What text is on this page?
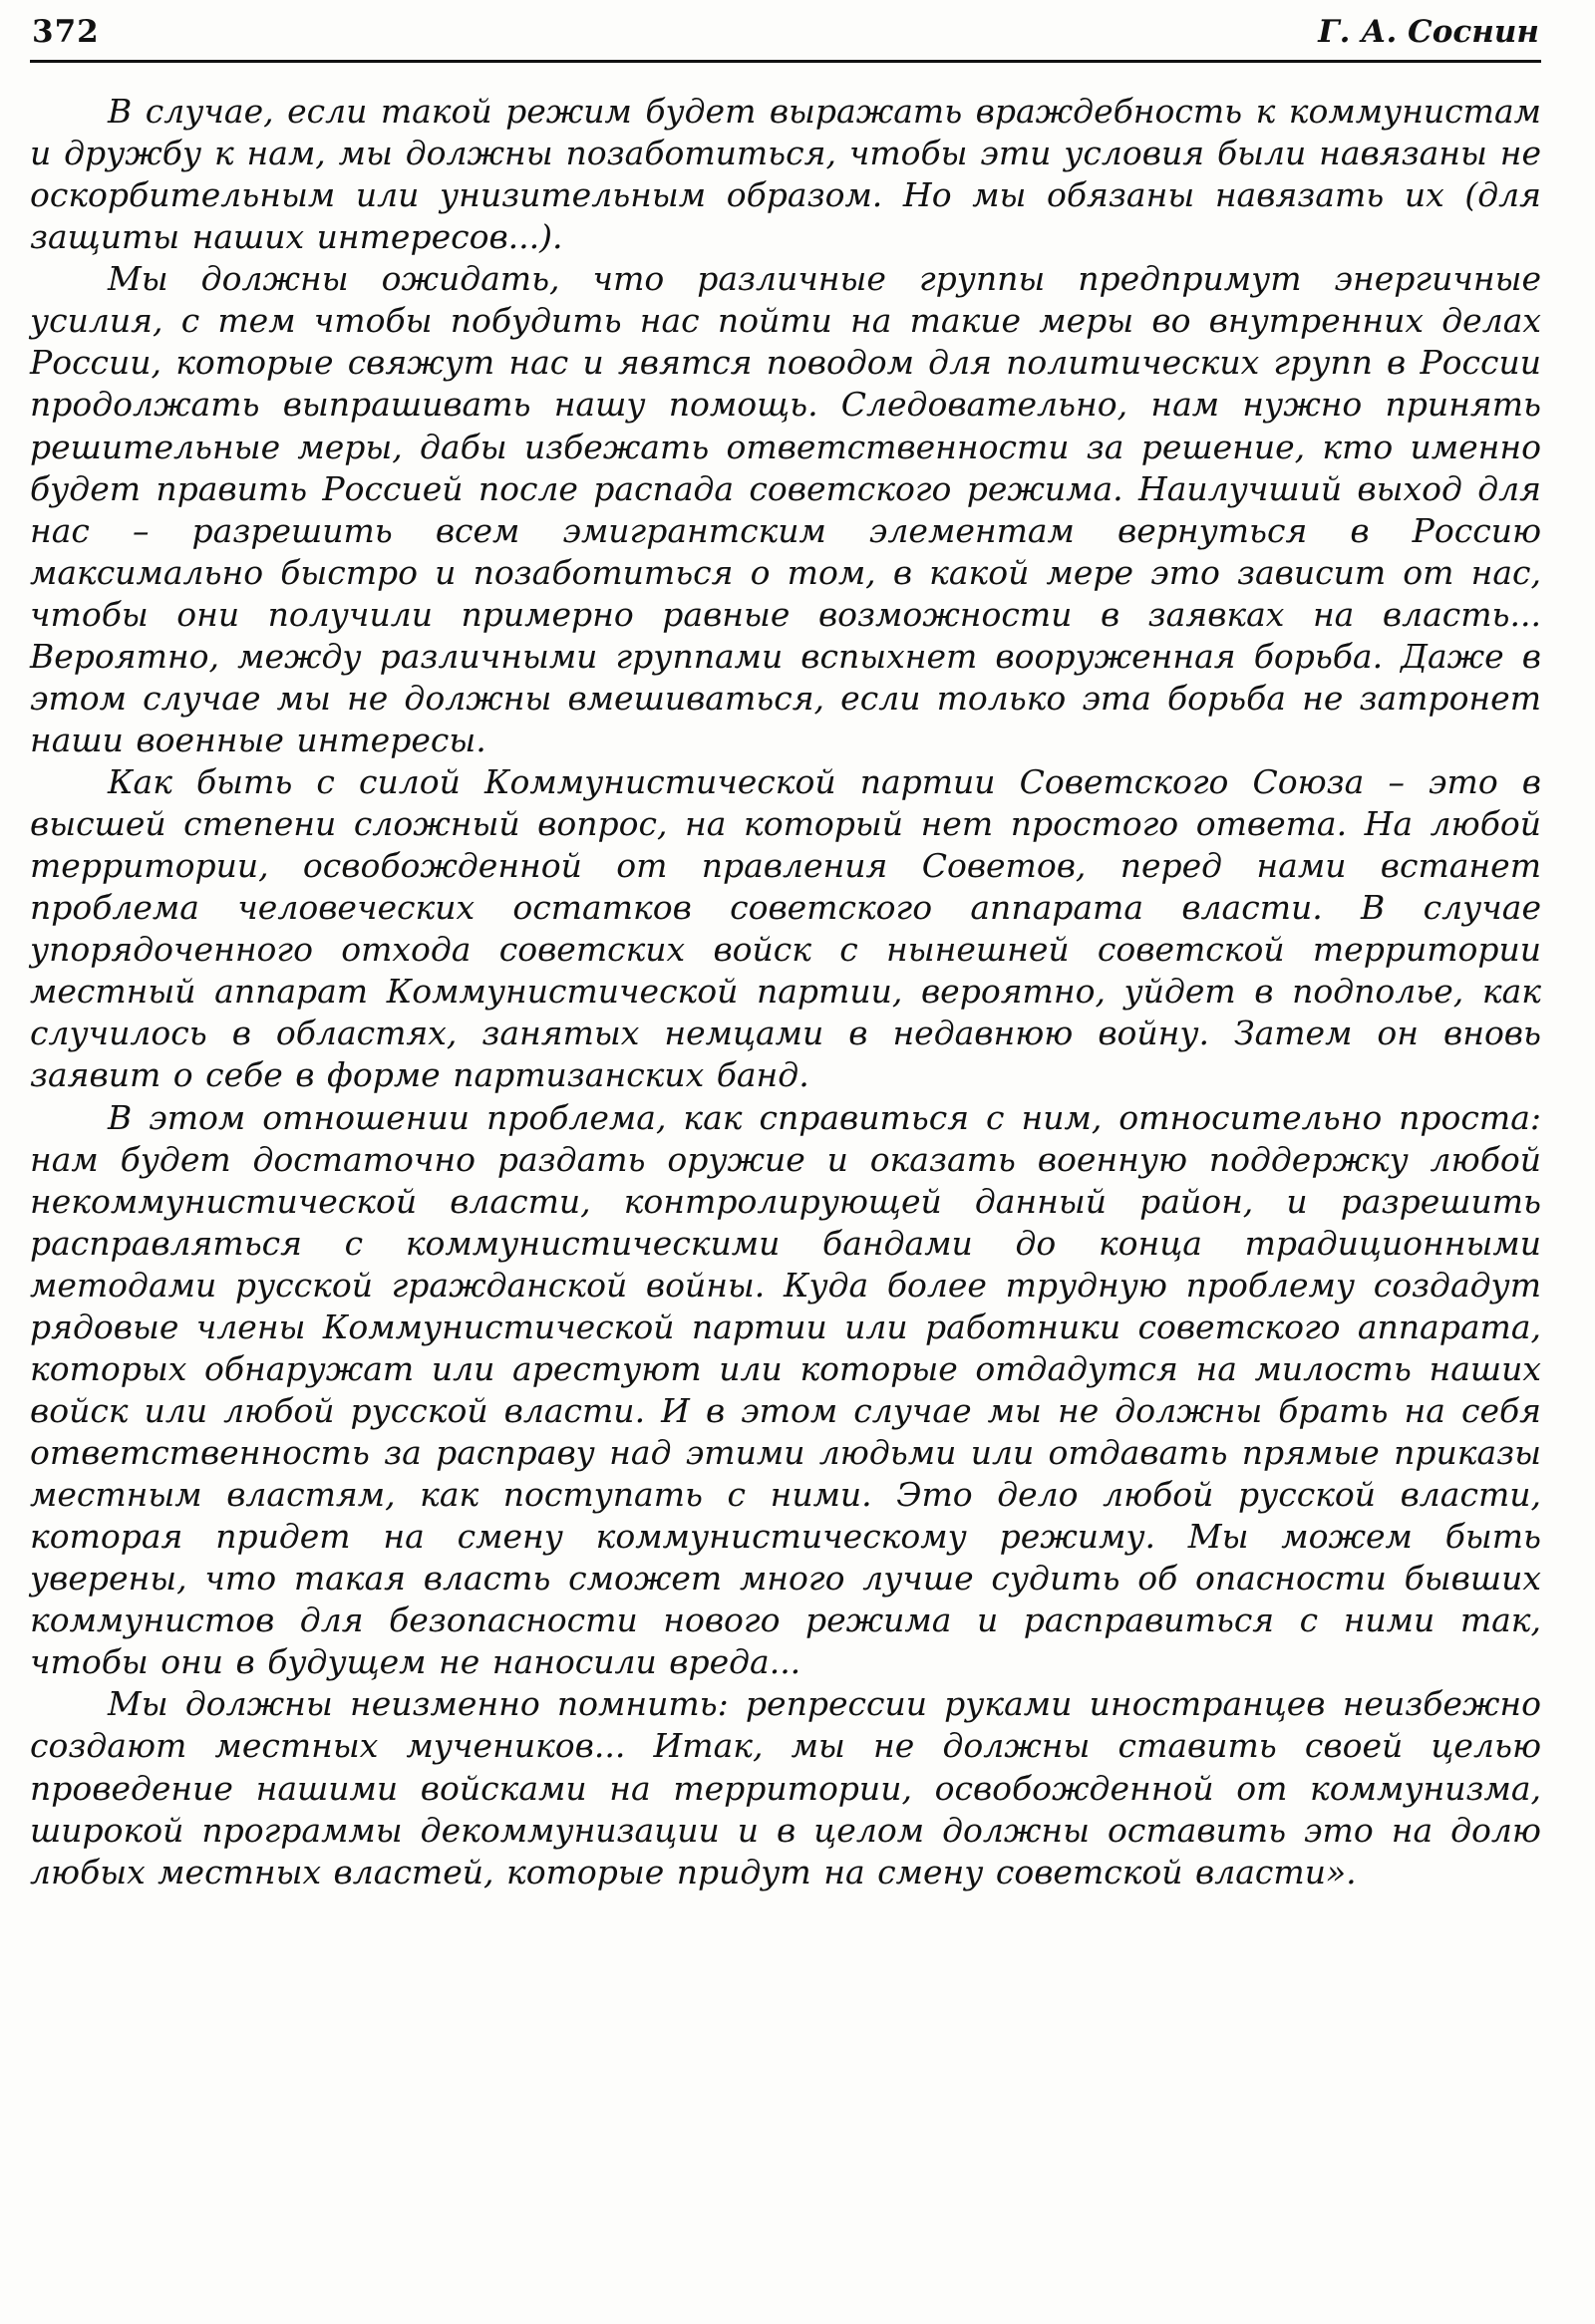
372	Г. А. Соснин

В случае, если такой режим будет выражать враждебность к коммунистам и дружбу к нам, мы должны позаботиться, чтобы эти условия были навязаны не оскорбительным или унизительным образом. Но мы обязаны навязать их (для защиты наших интересов...).

Мы должны ожидать, что различные группы предпримут энергичные усилия, с тем чтобы побудить нас пойти на такие меры во внутренних делах России, которые свяжут нас и явятся поводом для политических групп в России продолжать выпрашивать нашу помощь. Следовательно, нам нужно принять решительные меры, дабы избежать ответственности за решение, кто именно будет править Россией после распада советского режима. Наилучший выход для нас – разрешить всем эмигрантским элементам вернуться в Россию максимально быстро и позаботиться о том, в какой мере это зависит от нас, чтобы они получили примерно равные возможности в заявках на власть... Вероятно, между различными группами вспыхнет вооруженная борьба. Даже в этом случае мы не должны вмешиваться, если только эта борьба не затронет наши военные интересы.

Как быть с силой Коммунистической партии Советского Союза – это в высшей степени сложный вопрос, на который нет простого ответа. На любой территории, освобожденной от правления Советов, перед нами встанет проблема человеческих остатков советского аппарата власти. В случае упорядоченного отхода советских войск с нынешней советской территории местный аппарат Коммунистической партии, вероятно, уйдет в подполье, как случилось в областях, занятых немцами в недавнюю войну. Затем он вновь заявит о себе в форме партизанских банд.

В этом отношении проблема, как справиться с ним, относительно проста: нам будет достаточно раздать оружие и оказать военную поддержку любой некоммунистической власти, контролирующей данный район, и разрешить расправляться с коммунистическими бандами до конца традиционными методами русской гражданской войны. Куда более трудную проблему создадут рядовые члены Коммунистической партии или работники советского аппарата, которых обнаружат или арестуют или которые отдадутся на милость наших войск или любой русской власти. И в этом случае мы не должны брать на себя ответственность за расправу над этими людьми или отдавать прямые приказы местным властям, как поступать с ними. Это дело любой русской власти, которая придет на смену коммунистическому режиму. Мы можем быть уверены, что такая власть сможет много лучше судить об опасности бывших коммунистов для безопасности нового режима и расправиться с ними так, чтобы они в будущем не наносили вреда...

Мы должны неизменно помнить: репрессии руками иностранцев неизбежно создают местных мучеников... Итак, мы не должны ставить своей целью проведение нашими войсками на территории, освобожденной от коммунизма, широкой программы декоммунизации и в целом должны оставить это на долю любых местных властей, которые придут на смену советской власти».
